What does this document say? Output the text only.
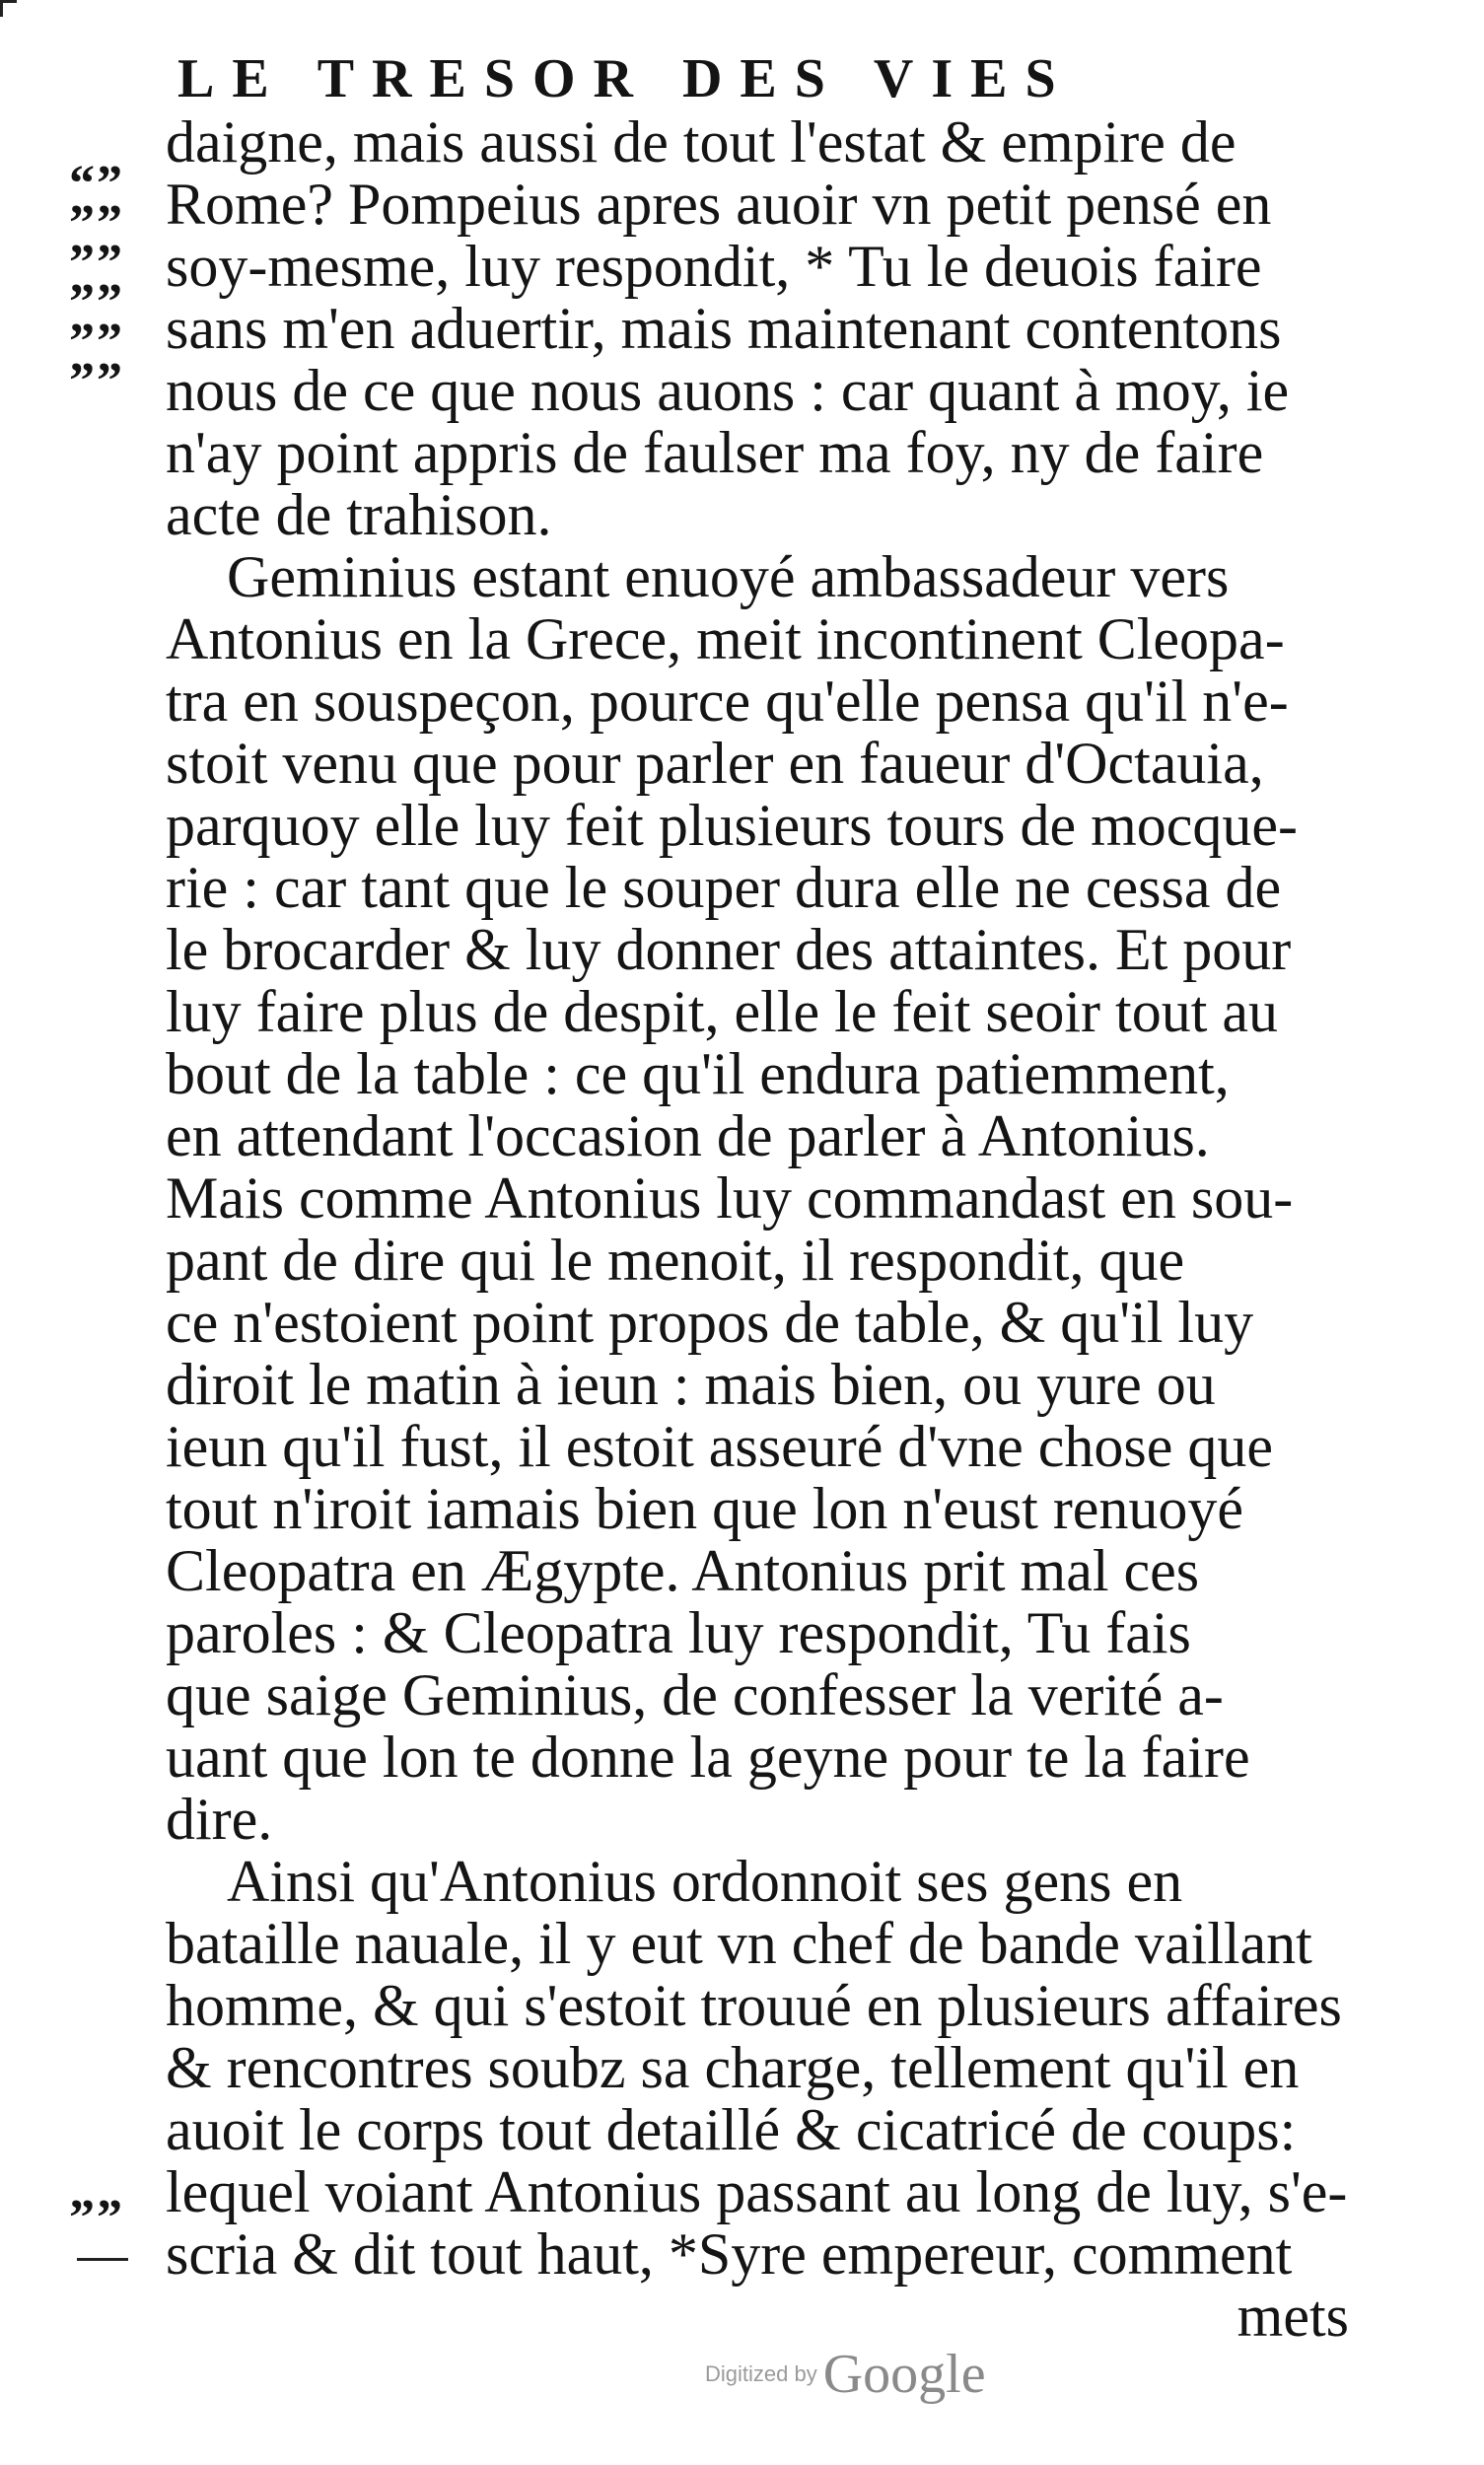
LE TRESOR DES VIES
“”
””
””
””
””
””
daigne, mais aussi de tout l'estat & empire de
Rome? Pompeius apres auoir vn petit pensé en
soy-mesme, luy respondit, * Tu le deuois faire
sans m'en aduertir, mais maintenant contentons
nous de ce que nous auons : car quant à moy, ie
n'ay point appris de faulser ma foy, ny de faire
acte de trahison.
Geminius estant enuoyé ambassadeur vers
Antonius en la Grece, meit incontinent Cleopa-
tra en souspeçon, pource qu'elle pensa qu'il n'e-
stoit venu que pour parler en faueur d'Octauia,
parquoy elle luy feit plusieurs tours de mocque-
rie : car tant que le souper dura elle ne cessa de
le brocarder & luy donner des attaintes. Et pour
luy faire plus de despit, elle le feit seoir tout au
bout de la table : ce qu'il endura patiemment,
en attendant l'occasion de parler à Antonius.
Mais comme Antonius luy commandast en sou-
pant de dire qui le menoit, il respondit, que
ce n'estoient point propos de table, & qu'il luy
diroit le matin à ieun : mais bien, ou yure ou
ieun qu'il fust, il estoit asseuré d'vne chose que
tout n'iroit iamais bien que lon n'eust renuoyé
Cleopatra en Ægypte. Antonius prit mal ces
paroles : & Cleopatra luy respondit, Tu fais
que saige Geminius, de confesser la verité a-
uant que lon te donne la geyne pour te la faire
dire.
Ainsi qu'Antonius ordonnoit ses gens en
bataille nauale, il y eut vn chef de bande vaillant
homme, & qui s'estoit trouué en plusieurs affaires
& rencontres soubz sa charge, tellement qu'il en
auoit le corps tout detaillé & cicatricé de coups:
lequel voiant Antonius passant au long de luy, s'e-
scria & dit tout haut, *Syre empereur, comment
””
mets
Digitized by Google
